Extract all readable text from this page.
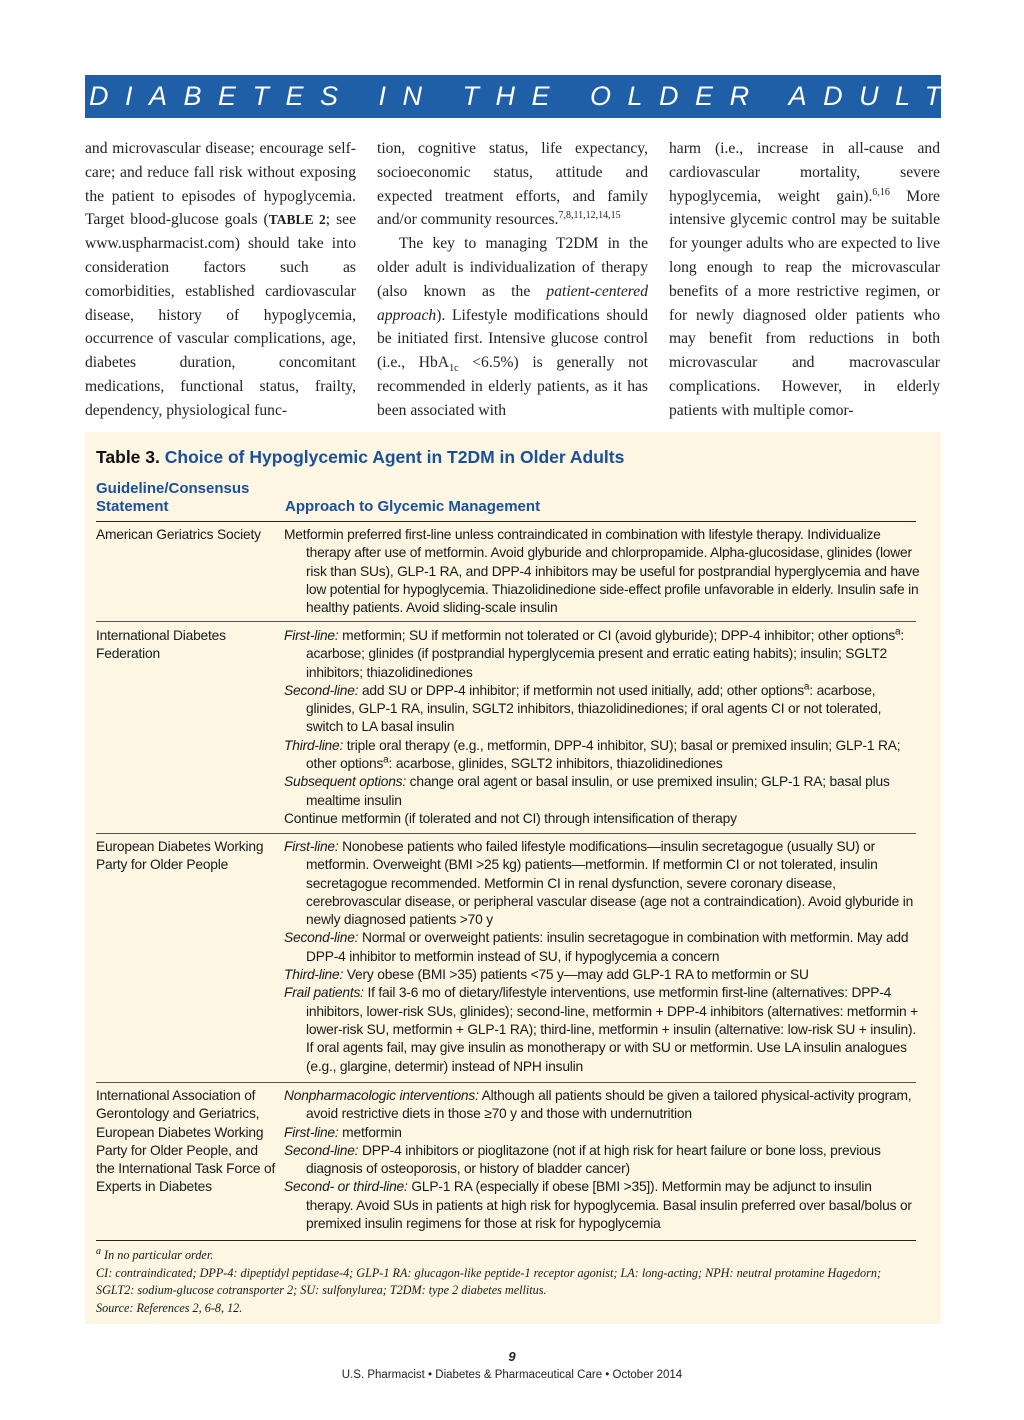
DIABETES IN THE OLDER ADULT

and microvascular disease; encourage self-care; and reduce fall risk without exposing the patient to episodes of hypoglycemia. Target blood-glucose goals (TABLE 2; see www.uspharmacist.com) should take into consideration factors such as comorbidities, established cardiovascular disease, history of hypoglycemia, occurrence of vascular complications, age, diabetes duration, concomitant medications, functional status, frailty, dependency, physiological func-

tion, cognitive status, life expectancy, socioeconomic status, attitude and expected treatment efforts, and family and/or community resources.$^{7,8,11,12,14,15}$

The key to managing T2DM in the older adult is individualization of therapy (also known as the patient-centered approach). Lifestyle modifications should be initiated first. Intensive glucose control (i.e., HbA$_{1c}$ <6.5%) is generally not recommended in elderly patients, as it has been associated with

harm (i.e., increase in all-cause and cardiovascular mortality, severe hypoglycemia, weight gain).$^{6,16}$ More intensive glycemic control may be suitable for younger adults who are expected to live long enough to reap the microvascular benefits of a more restrictive regimen, or for newly diagnosed older patients who may benefit from reductions in both microvascular and macrovascular complications. However, in elderly patients with multiple comor-

Table 3. Choice of Hypoglycemic Agent in T2DM in Older Adults
Guideline/Consensus Statement	Approach to Glycemic Management
American Geriatrics Society	Metformin preferred first-line unless contraindicated in combination with lifestyle therapy. Individualize therapy after use of metformin. Avoid glyburide and chlorpropamide. Alpha-glucosidase, glinides (lower risk than SUs), GLP-1 RA, and DPP-4 inhibitors may be useful for postprandial hyperglycemia and have low potential for hypoglycemia. Thiazolidinedione side-effect profile unfavorable in elderly. Insulin safe in healthy patients. Avoid sliding-scale insulin

International Diabetes Federation

First-line: metformin; SU if metformin not tolerated or CI (avoid glyburide); DPP-4 inhibitor; other options$^a$: acarbose; glinides (if postprandial hyperglycemia present and erratic eating habits); insulin; SGLT2 inhibitors; thiazolidinediones

Second-line: add SU or DPP-4 inhibitor; if metformin not used initially, add; other options$^a$: acarbose, glinides, GLP-1 RA, insulin, SGLT2 inhibitors, thiazolidinediones; if oral agents CI or not tolerated, switch to LA basal insulin

Third-line: triple oral therapy (e.g., metformin, DPP-4 inhibitor, SU); basal or premixed insulin; GLP-1 RA; other options$^a$: acarbose, glinides, SGLT2 inhibitors, thiazolidinediones

Subsequent options: change oral agent or basal insulin, or use premixed insulin; GLP-1 RA; basal plus mealtime insulin

Continue metformin (if tolerated and not CI) through intensification of therapy

European Diabetes Working Party for Older People

First-line: Nonobese patients who failed lifestyle modifications—insulin secretagogue (usually SU) or metformin. Overweight (BMI >25 kg) patients—metformin. If metformin CI or not tolerated, insulin secretagogue recommended. Metformin CI in renal dysfunction, severe coronary disease, cerebrovascular disease, or peripheral vascular disease (age not a contraindication). Avoid glyburide in newly diagnosed patients >70 y

Second-line: Normal or overweight patients: insulin secretagogue in combination with metformin. May add DPP-4 inhibitor to metformin instead of SU, if hypoglycemia a concern

Third-line: Very obese (BMI >35) patients <75 y—may add GLP-1 RA to metformin or SU

Frail patients: If fail 3-6 mo of dietary/lifestyle interventions, use metformin first-line (alternatives: DPP-4 inhibitors, lower-risk SUs, glinides); second-line, metformin + DPP-4 inhibitors (alternatives: metformin + lower-risk SU, metformin + GLP-1 RA); third-line, metformin + insulin (alternative: low-risk SU + insulin). If oral agents fail, may give insulin as monotherapy or with SU or metformin. Use LA insulin analogues (e.g., glargine, determir) instead of NPH insulin

International Association of Gerontology and Geriatrics, European Diabetes Working Party for Older People, and the International Task Force of Experts in Diabetes

Nonpharmacologic interventions: Although all patients should be given a tailored physical-activity program, avoid restrictive diets in those ≥70 y and those with undernutrition

First-line: metformin

Second-line: DPP-4 inhibitors or pioglitazone (not if at high risk for heart failure or bone loss, previous diagnosis of osteoporosis, or history of bladder cancer)

Second- or third-line: GLP-1 RA (especially if obese [BMI >35]). Metformin may be adjunct to insulin therapy. Avoid SUs in patients at high risk for hypoglycemia. Basal insulin preferred over basal/bolus or premixed insulin regimens for those at risk for hypoglycemia

$^a$ In no particular order.

CI: contraindicated; DPP-4: dipeptidyl peptidase-4; GLP-1 RA: glucagon-like peptide-1 receptor agonist; LA: long-acting; NPH: neutral protamine Hagedorn; SGLT2: sodium-glucose cotransporter 2; SU: sulfonylurea; T2DM: type 2 diabetes mellitus.

Source: References 2, 6-8, 12.

9
U.S. Pharmacist • Diabetes & Pharmaceutical Care • October 2014
